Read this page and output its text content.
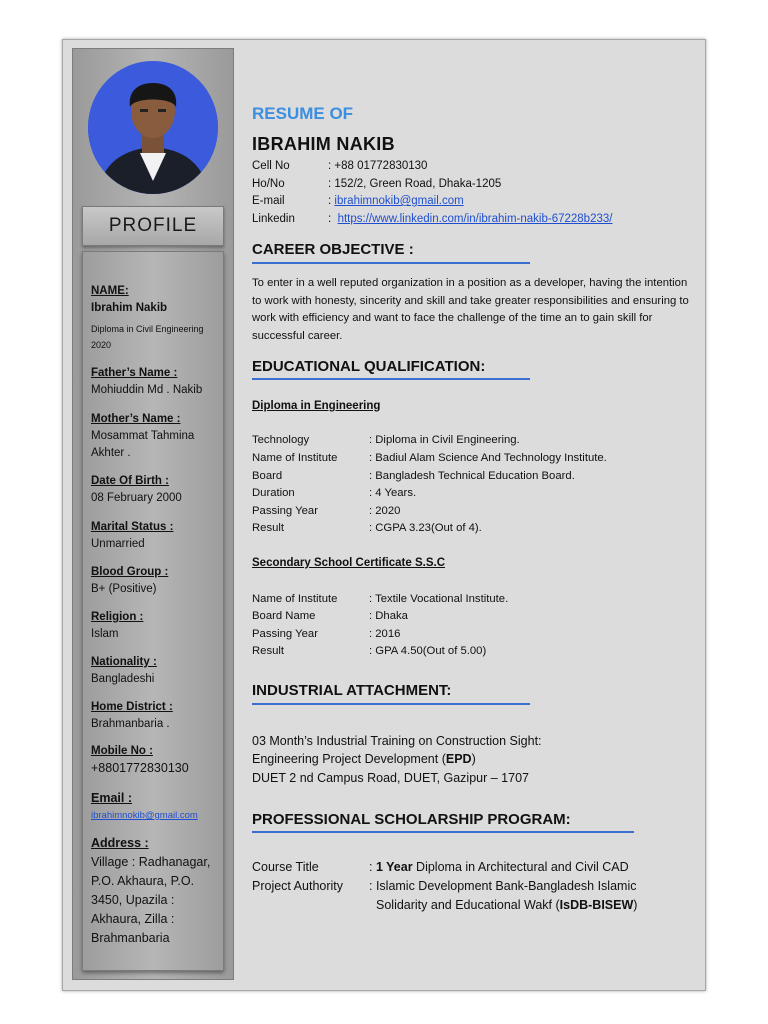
PROFILE
NAME:
Ibrahim Nakib
Diploma in Civil Engineering
2020
Father’s Name :
Mohiuddin Md . Nakib
Mother’s Name :
Mosammat Tahmina
Akhter .
Date Of Birth :
08 February 2000
Marital Status :
Unmarried
Blood Group :
B+ (Positive)
Religion :
Islam
Nationality :
Bangladeshi
Home District :
Brahmanbaria .
Mobile No :
+8801772830130
Email :
ibrahimnokib@gmail.com
Address :
Village : Radhanagar,
P.O. Akhaura, P.O.
3450, Upazila :
Akhaura, Zilla :
Brahmanbaria
RESUME OF
IBRAHIM NAKIB
Cell No	: +88 01772830130
Ho/No	: 152/2, Green Road, Dhaka-1205
E-mail	: ibrahimnokib@gmail.com
Linkedin	:  https://www.linkedin.com/in/ibrahim-nakib-67228b233/
CAREER OBJECTIVE :
To enter in a well reputed organization in a position as a developer, having the intention to work with honesty, sincerity and skill and take greater responsibilities and ensuring to work with efficiency and want to face the challenge of the time an to gain skill for successful career.
EDUCATIONAL QUALIFICATION:
Diploma in Engineering
Technology	: Diploma in Civil Engineering.
Name of Institute	: Badiul Alam Science And Technology Institute.
Board	: Bangladesh Technical Education Board.
Duration	: 4 Years.
Passing Year	: 2020
Result	: CGPA 3.23(Out of 4).
Secondary School Certificate S.S.C
Name of Institute	: Textile Vocational Institute.
Board Name	: Dhaka
Passing Year	: 2016
Result	: GPA 4.50(Out of 5.00)
INDUSTRIAL ATTACHMENT:
03 Month’s Industrial Training on Construction Sight:
Engineering Project Development (EPD)
DUET 2 nd Campus Road, DUET, Gazipur – 1707
PROFESSIONAL SCHOLARSHIP PROGRAM:
Course Title	: 1 Year Diploma in Architectural and Civil CAD
Project Authority : Islamic Development Bank-Bangladesh Islamic
Solidarity and Educational Wakf (IsDB-BISEW)
